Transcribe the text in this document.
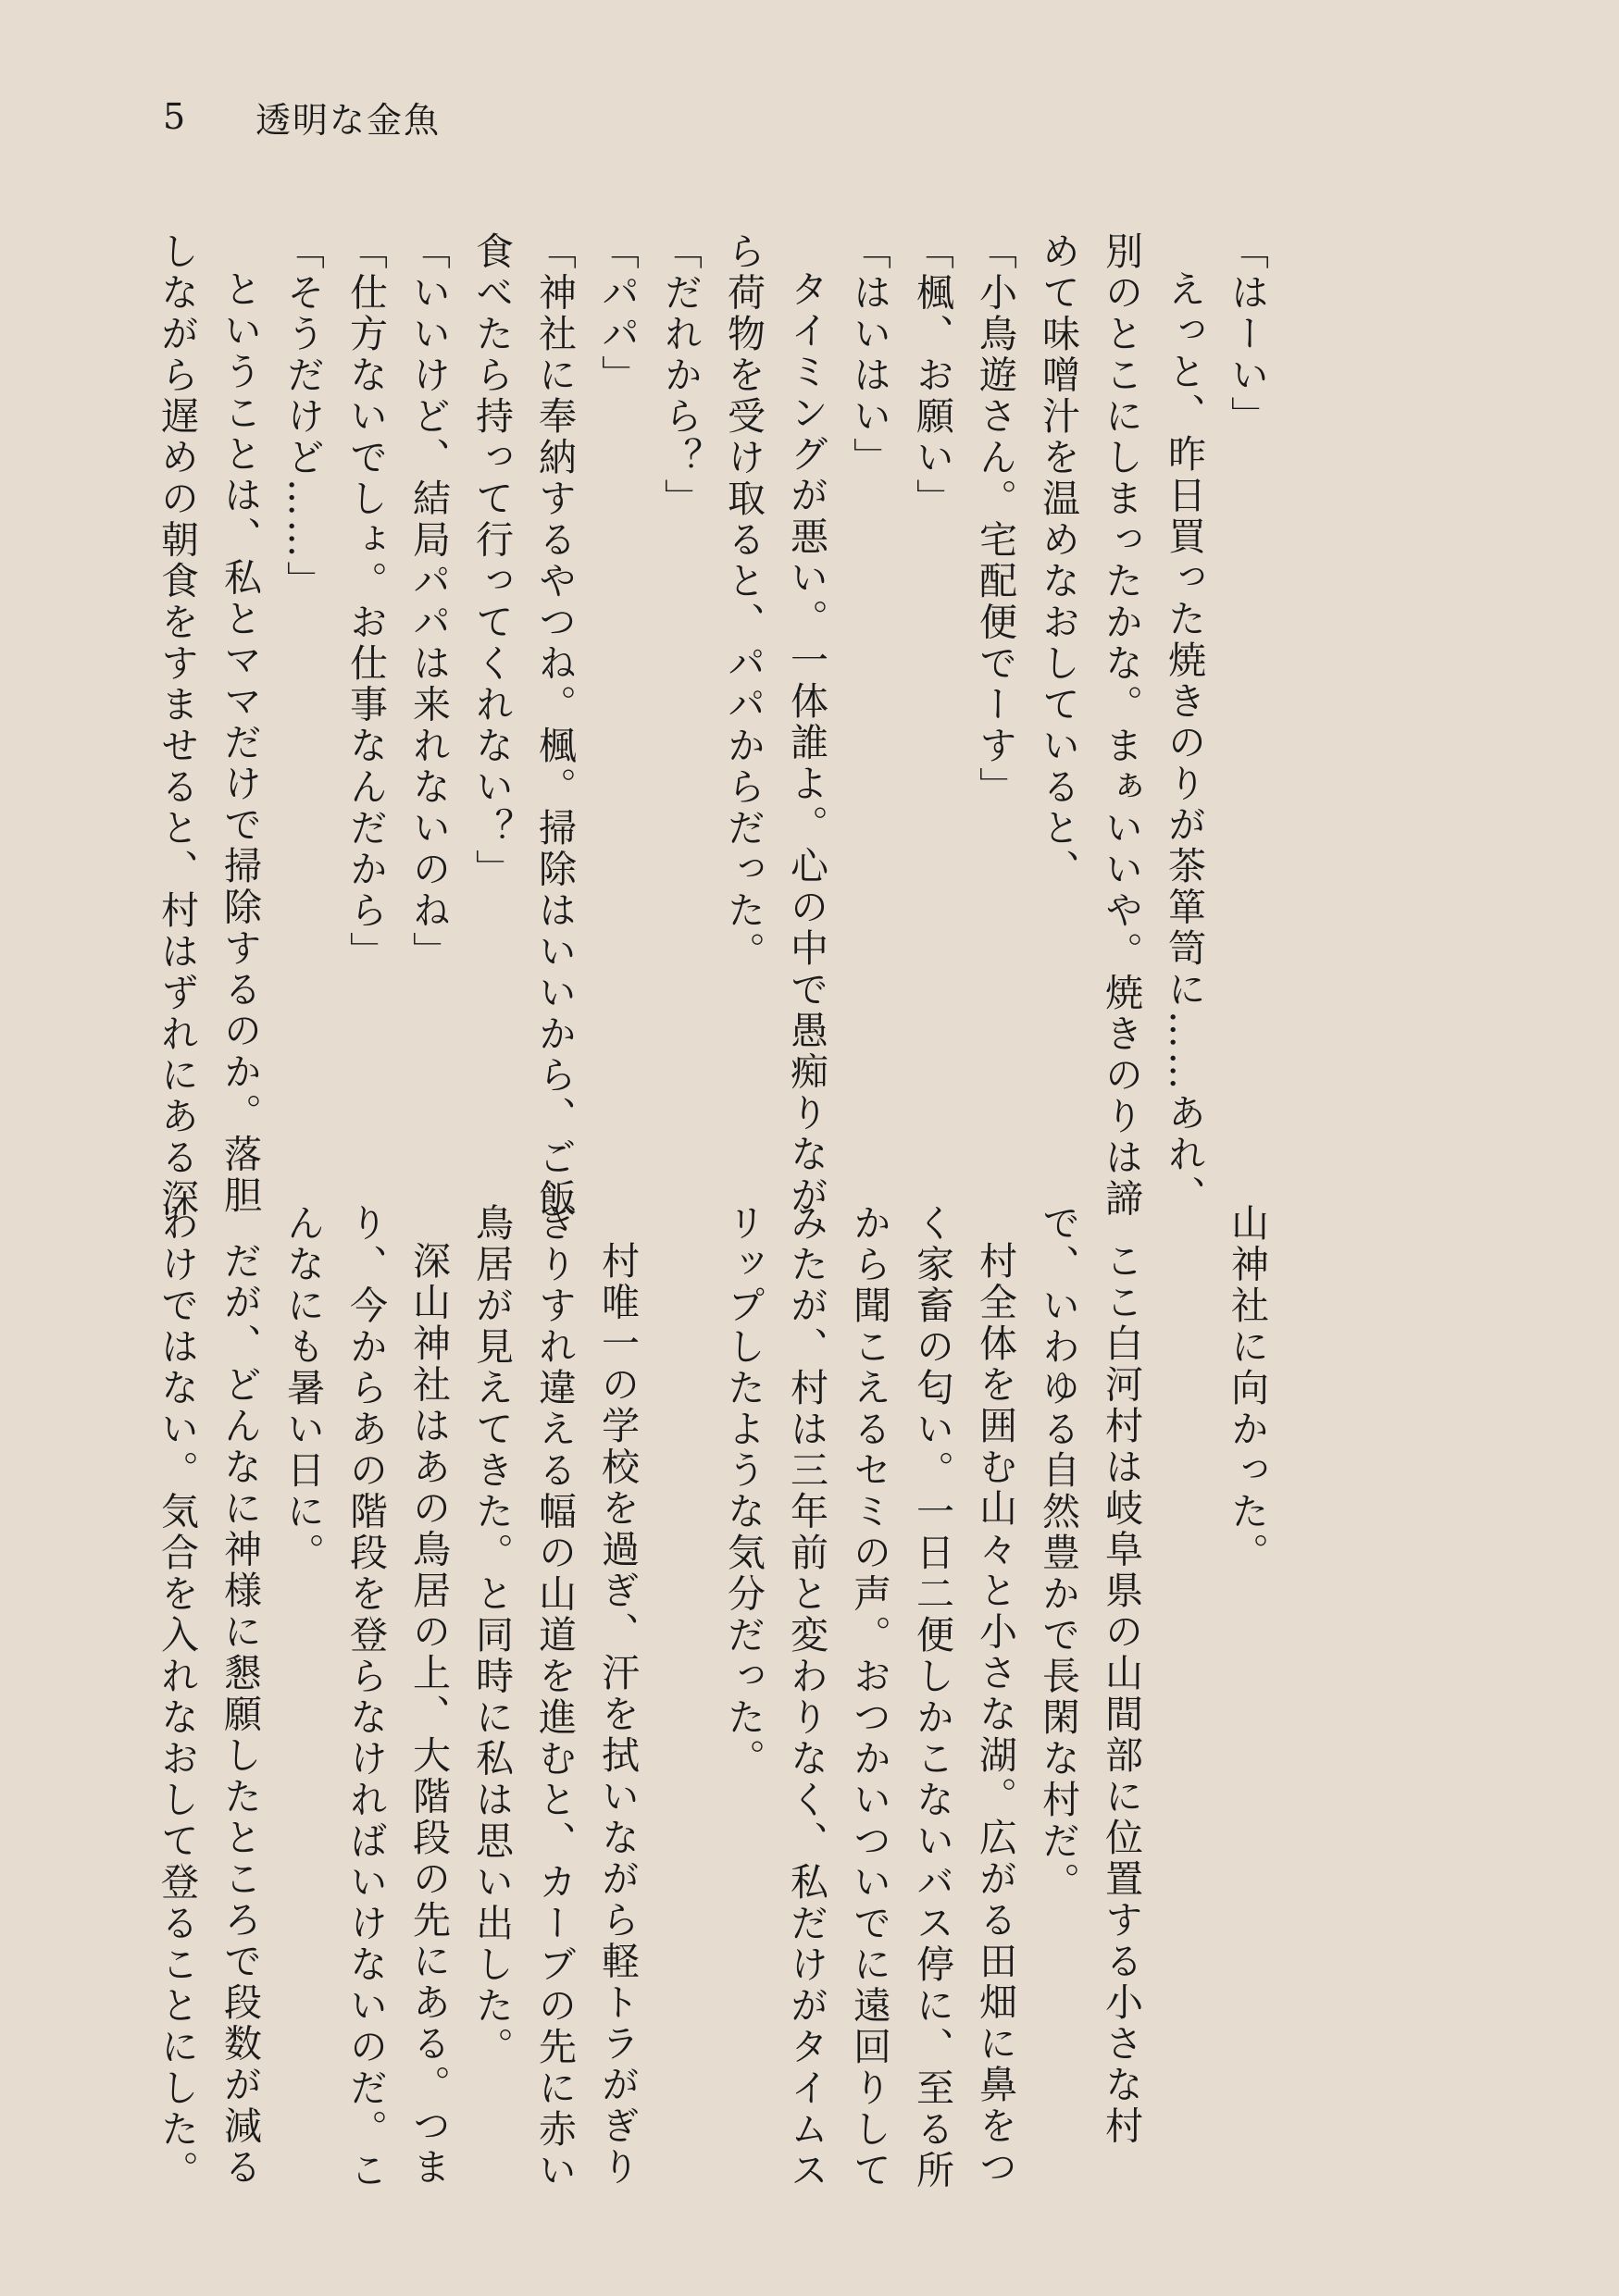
5	透明な金魚

「はーい」

えっと、昨日買った焼きのりが茶箪笥に……あれ、

別のとこにしまったかな。まぁいいや。焼きのりは諦

めて味噌汁を温めなおしていると、

「小鳥遊さん。宅配便でーす」

「楓、お願い」

「はいはい」

タイミングが悪い。一体誰よ。心の中で愚痴りなが

ら荷物を受け取ると、パパからだった。

「だれから？」

「パパ」

「神社に奉納するやつね。楓。掃除はいいから、ご飯

食べたら持って行ってくれない？」

「いいけど、結局パパは来れないのね」

「仕方ないでしょ。お仕事なんだから」

「そうだけど……」

ということは、私とママだけで掃除するのか。落胆

しながら遅めの朝食をすませると、村はずれにある深

山神社に向かった。

ここ白河村は岐阜県の山間部に位置する小さな村

で、いわゆる自然豊かで長閑な村だ。

村全体を囲む山々と小さな湖。広がる田畑に鼻をつ

く家畜の匂い。一日二便しかこないバス停に、至る所

から聞こえるセミの声。おつかいついでに遠回りして

みたが、村は三年前と変わりなく、私だけがタイムス

リップしたような気分だった。

村唯一の学校を過ぎ、汗を拭いながら軽トラがぎり

ぎりすれ違える幅の山道を進むと、カーブの先に赤い

鳥居が見えてきた。と同時に私は思い出した。

深山神社はあの鳥居の上、大階段の先にある。つま

り、今からあの階段を登らなければいけないのだ。こ

んなにも暑い日に。

だが、どんなに神様に懇願したところで段数が減る

わけではない。気合を入れなおして登ることにした。
